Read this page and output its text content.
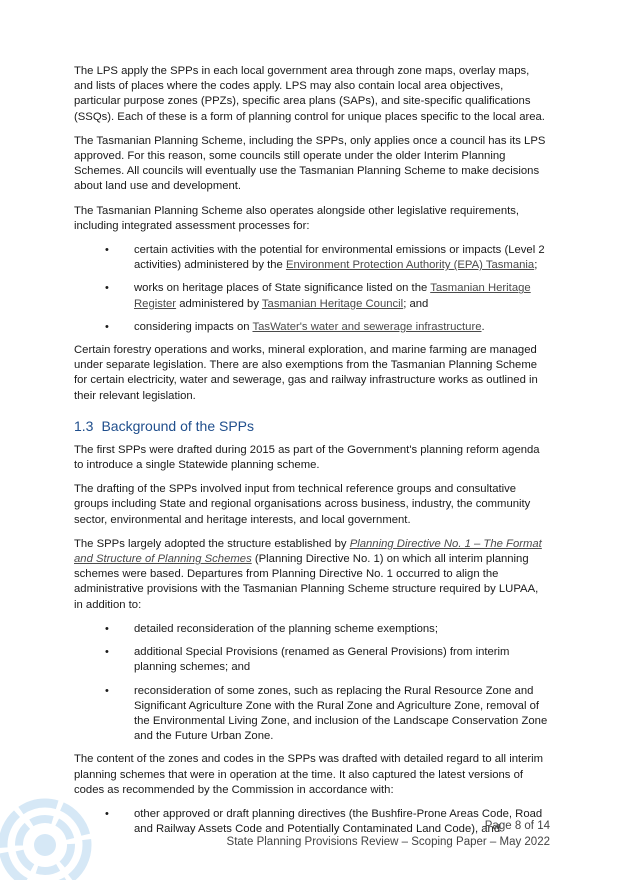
The LPS apply the SPPs in each local government area through zone maps, overlay maps, and lists of places where the codes apply. LPS may also contain local area objectives, particular purpose zones (PPZs), specific area plans (SAPs), and site-specific qualifications (SSQs). Each of these is a form of planning control for unique places specific to the local area.

The Tasmanian Planning Scheme, including the SPPs, only applies once a council has its LPS approved. For this reason, some councils still operate under the older Interim Planning Schemes. All councils will eventually use the Tasmanian Planning Scheme to make decisions about land use and development.

The Tasmanian Planning Scheme also operates alongside other legislative requirements, including integrated assessment processes for:

• certain activities with the potential for environmental emissions or impacts (Level 2 activities) administered by the Environment Protection Authority (EPA) Tasmania;
• works on heritage places of State significance listed on the Tasmanian Heritage Register administered by Tasmanian Heritage Council; and
• considering impacts on TasWater's water and sewerage infrastructure.

Certain forestry operations and works, mineral exploration, and marine farming are managed under separate legislation. There are also exemptions from the Tasmanian Planning Scheme for certain electricity, water and sewerage, gas and railway infrastructure works as outlined in their relevant legislation.

1.3 Background of the SPPs

The first SPPs were drafted during 2015 as part of the Government's planning reform agenda to introduce a single Statewide planning scheme.

The drafting of the SPPs involved input from technical reference groups and consultative groups including State and regional organisations across business, industry, the community sector, environmental and heritage interests, and local government.

The SPPs largely adopted the structure established by Planning Directive No. 1 – The Format and Structure of Planning Schemes (Planning Directive No. 1) on which all interim planning schemes were based. Departures from Planning Directive No. 1 occurred to align the administrative provisions with the Tasmanian Planning Scheme structure required by LUPAA, in addition to:

• detailed reconsideration of the planning scheme exemptions;
• additional Special Provisions (renamed as General Provisions) from interim planning schemes; and
• reconsideration of some zones, such as replacing the Rural Resource Zone and Significant Agriculture Zone with the Rural Zone and Agriculture Zone, removal of the Environmental Living Zone, and inclusion of the Landscape Conservation Zone and the Future Urban Zone.

The content of the zones and codes in the SPPs was drafted with detailed regard to all interim planning schemes that were in operation at the time. It also captured the latest versions of codes as recommended by the Commission in accordance with:

• other approved or draft planning directives (the Bushfire-Prone Areas Code, Road and Railway Assets Code and Potentially Contaminated Land Code), and
Page 8 of 14
State Planning Provisions Review – Scoping Paper – May 2022
